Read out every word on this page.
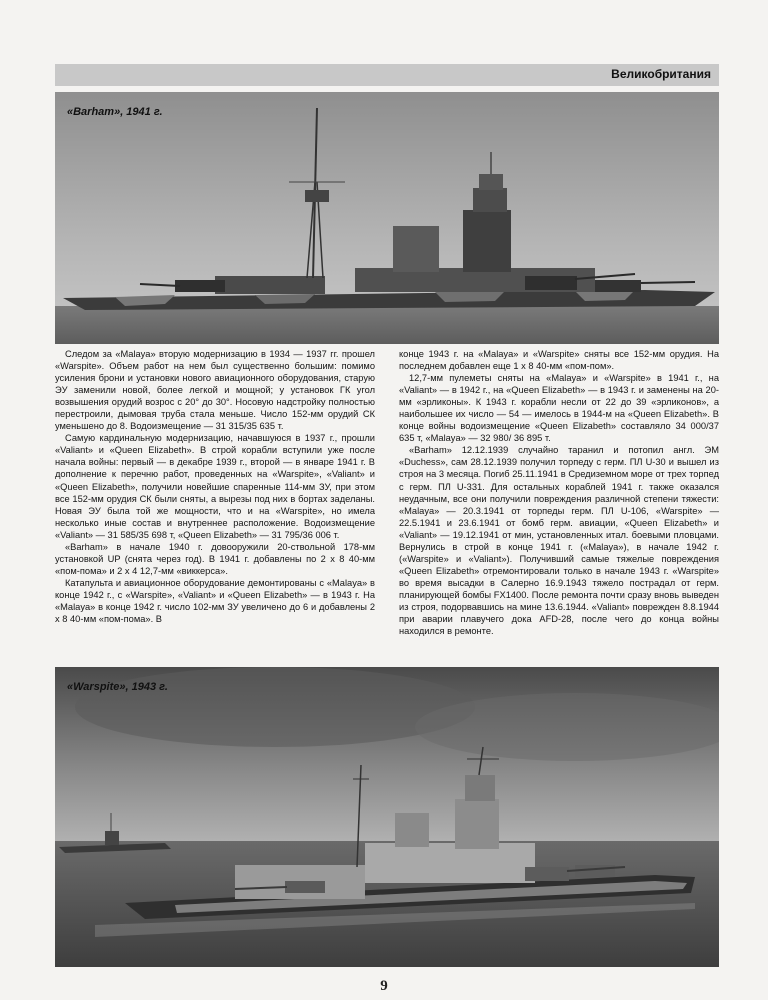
Великобритания
«Barham», 1941 г.

Следом за «Malaya» вторую модернизацию в 1934 — 1937 гг. прошел «Warspite». Объем работ на нем был существенно большим: помимо усиления брони и установки нового авиационного оборудования, старую ЭУ заменили новой, более легкой и мощной; у установок ГК угол возвышения орудий возрос с 20° до 30°. Носовую надстройку полностью перестроили, дымовая труба стала меньше. Число 152-мм орудий СК уменьшено до 8. Водоизмещение — 31 315/35 635 т.

Самую кардинальную модернизацию, начавшуюся в 1937 г., прошли «Valiant» и «Queen Elizabeth». В строй корабли вступили уже после начала войны: первый — в декабре 1939 г., второй — в январе 1941 г. В дополнение к перечню работ, проведенных на «Warspite», «Valiant» и «Queen Elizabeth», получили новейшие спаренные 114-мм ЗУ, при этом все 152-мм орудия СК были сняты, а вырезы под них в бортах заделаны. Новая ЭУ была той же мощности, что и на «Warspite», но имела несколько иные состав и внутреннее расположение. Водоизмещение «Valiant» — 31 585/35 698 т, «Queen Elizabeth» — 31 795/36 006 т.

«Barham» в начале 1940 г. довооружили 20-ствольной 178-мм установкой UP (снята через год). В 1941 г. добавлены по 2 x 8 40-мм «пом-пома» и 2 x 4 12,7-мм «виккерса».

Катапульта и авиационное оборудование демонтированы с «Malaya» в конце 1942 г., с «Warspite», «Valiant» и «Queen Elizabeth» — в 1943 г. На «Malaya» в конце 1942 г. число 102-мм ЗУ увеличено до 6 и добавлены 2 x 8 40-мм «пом-пома». В

конце 1943 г. на «Malaya» и «Warspite» сняты все 152-мм орудия. На последнем добавлен еще 1 x 8 40-мм «пом-пом».

12,7-мм пулеметы сняты на «Malaya» и «Warspite» в 1941 г., на «Valiant» — в 1942 г., на «Queen Elizabeth» — в 1943 г. и заменены на 20-мм «эрликоны». К 1943 г. корабли несли от 22 до 39 «эрликонов», а наибольшее их число — 54 — имелось в 1944-м на «Queen Elizabeth». В конце войны водоизмещение «Queen Elizabeth» составляло 34 000/37 635 т, «Malaya» — 32 980/ 36 895 т.

«Barham» 12.12.1939 случайно таранил и потопил англ. ЭМ «Duchess», сам 28.12.1939 получил торпеду с герм. ПЛ U-30 и вышел из строя на 3 месяца. Погиб 25.11.1941 в Средиземном море от трех торпед с герм. ПЛ U-331. Для остальных кораблей 1941 г. также оказался неудачным, все они получили повреждения различной степени тяжести: «Malaya» — 20.3.1941 от торпеды герм. ПЛ U-106, «Warspite» — 22.5.1941 и 23.6.1941 от бомб герм. авиации, «Queen Elizabeth» и «Valiant» — 19.12.1941 от мин, установленных итал. боевыми пловцами. Вернулись в строй в конце 1941 г. («Malaya»), в начале 1942 г. («Warspite» и «Valiant»). Получивший самые тяжелые повреждения «Queen Elizabeth» отремонтировали только в начале 1943 г. «Warspite» во время высадки в Салерно 16.9.1943 тяжело пострадал от герм. планирующей бомбы FX1400. После ремонта почти сразу вновь выведен из строя, подорвавшись на мине 13.6.1944. «Valiant» поврежден 8.8.1944 при аварии плавучего дока AFD-28, после чего до конца войны находился в ремонте.

«Warspite», 1943 г.
9
